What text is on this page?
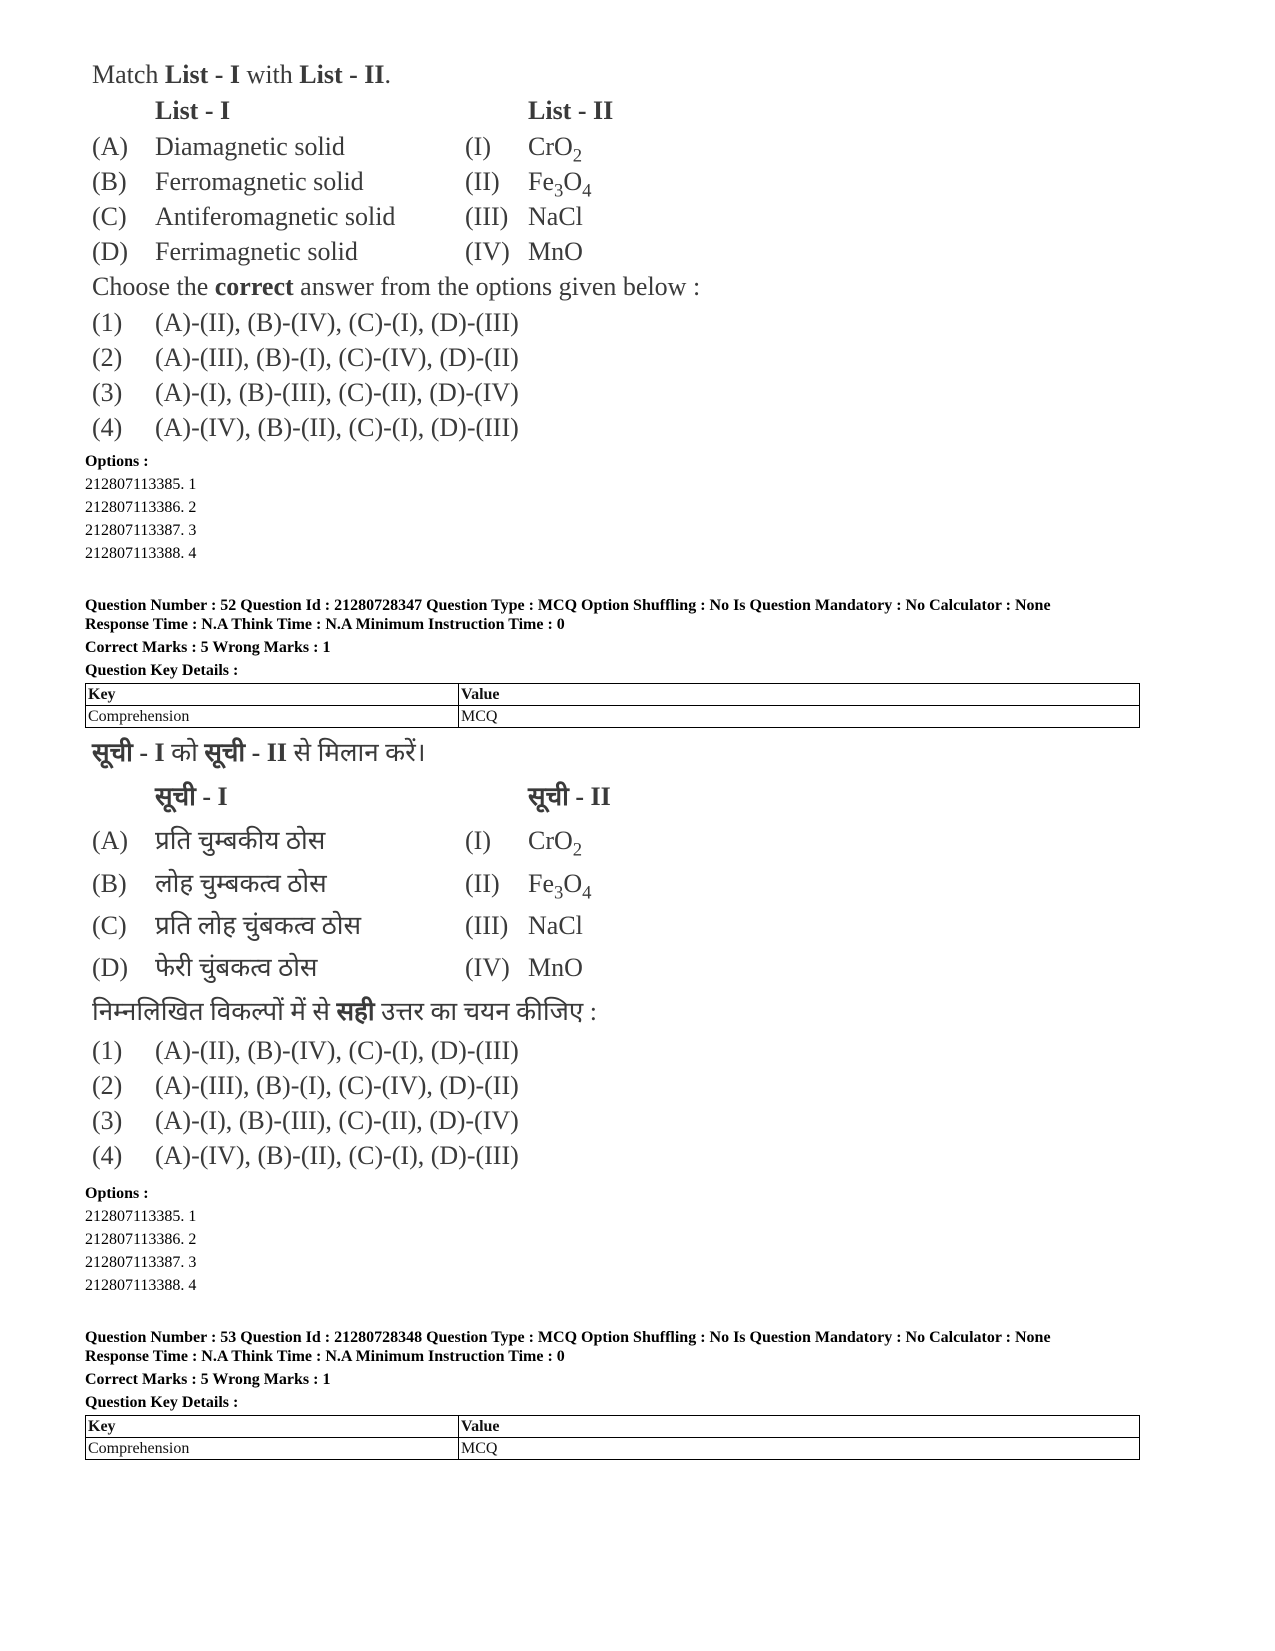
Match List - I with List - II.
List - I	List - II
(A) Diamagnetic solid	(I) CrO$_2$
(B) Ferromagnetic solid	(II) $Fe_3O_4$
(C) Antiferomagnetic solid	(III) NaCl
(D) Ferrimagnetic solid	(IV) MnO
Choose the correct answer from the options given below :
(1) (A)-(II), (B)-(IV), (C)-(I), (D)-(III)
(2) (A)-(III), (B)-(I), (C)-(IV), (D)-(II)
(3) (A)-(I), (B)-(III), (C)-(II), (D)-(IV)
(4) (A)-(IV), (B)-(II), (C)-(I), (D)-(III)
Options :
212807113385. 1
212807113386. 2
212807113387. 3
212807113388. 4
Question Number : 52 Question Id : 21280728347 Question Type : MCQ Option Shuffling : No Is Question Mandatory : No Calculator : None
Response Time : N.A Think Time : N.A Minimum Instruction Time : 0
Correct Marks : 5 Wrong Marks : 1
Question Key Details :
Key	Value
Comprehension	MCQ
सूची - I को सूची - II से मिलान करें।
सूची - I	सूची - II
(A) प्रति चुम्बकीय ठोस	(I) CrO$_2$
(B) लोह चुम्बकत्व ठोस	(II) $Fe_3O_4$
(C) प्रति लोह चुंबकत्व ठोस	(III) NaCl
(D) फेरी चुंबकत्व ठोस	(IV) MnO
निम्नलिखित विकल्पों में से सही उत्तर का चयन कीजिए :
(1) (A)-(II), (B)-(IV), (C)-(I), (D)-(III)
(2) (A)-(III), (B)-(I), (C)-(IV), (D)-(II)
(3) (A)-(I), (B)-(III), (C)-(II), (D)-(IV)
(4) (A)-(IV), (B)-(II), (C)-(I), (D)-(III)
Options :
212807113385. 1
212807113386. 2
212807113387. 3
212807113388. 4
Question Number : 53 Question Id : 21280728348 Question Type : MCQ Option Shuffling : No Is Question Mandatory : No Calculator : None
Response Time : N.A Think Time : N.A Minimum Instruction Time : 0
Correct Marks : 5 Wrong Marks : 1
Question Key Details :
Key	Value
Comprehension	MCQ
